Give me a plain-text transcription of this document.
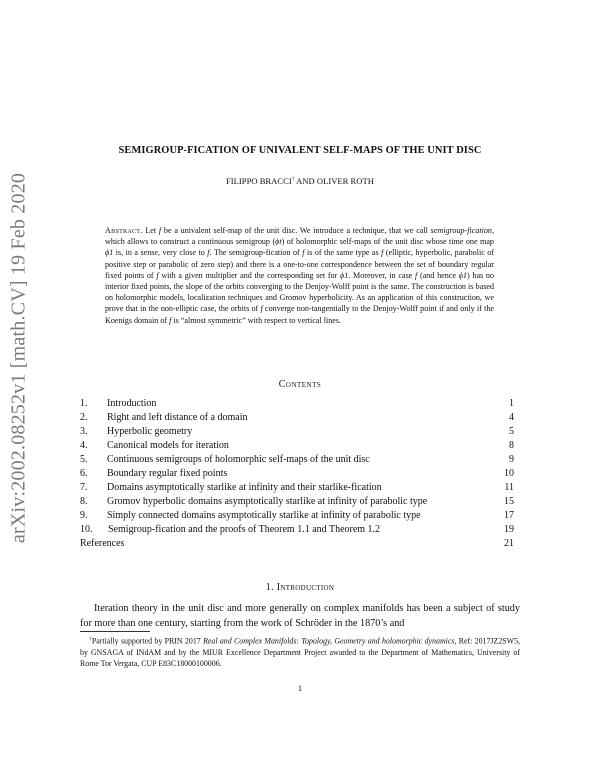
arXiv:2002.08252v1 [math.CV] 19 Feb 2020
SEMIGROUP-FICATION OF UNIVALENT SELF-MAPS OF THE UNIT DISC
FILIPPO BRACCI† AND OLIVER ROTH

Abstract. Let f be a univalent self-map of the unit disc. We introduce a technique, that we call semigroup-fication, which allows to construct a continuous semigroup (ϕt) of holomorphic self-maps of the unit disc whose time one map ϕ1 is, in a sense, very close to f. The semigroup-fication of f is of the same type as f (elliptic, hyperbolic, parabolic of positive step or parabolic of zero step) and there is a one-to-one correspondence between the set of boundary regular fixed points of f with a given multiplier and the corresponding set for ϕ1. Moreover, in case f (and hence ϕ1) has no interior fixed points, the slope of the orbits converging to the Denjoy-Wolff point is the same. The construction is based on holomorphic models, localization techniques and Gromov hyperbolicity. As an application of this construction, we prove that in the non-elliptic case, the orbits of f converge non-tangentially to the Denjoy-Wolff point if and only if the Koenigs domain of f is “almost symmetric” with respect to vertical lines.

Contents
1.	Introduction	1
2.	Right and left distance of a domain	4
3.	Hyperbolic geometry	5
4.	Canonical models for iteration	8
5.	Continuous semigroups of holomorphic self-maps of the unit disc	9
6.	Boundary regular fixed points	10
7.	Domains asymptotically starlike at infinity and their starlike-fication	11
8.	Gromov hyperbolic domains asymptotically starlike at infinity of parabolic type	15
9.	Simply connected domains asymptotically starlike at infinity of parabolic type	17
10.	Semigroup-fication and the proofs of Theorem 1.1 and Theorem 1.2	19
References	21
1. Introduction

Iteration theory in the unit disc and more generally on complex manifolds has been a subject of study for more than one century, starting from the work of Schröder in the 1870’s and

†Partially supported by PRIN 2017 Real and Complex Manifolds: Topology, Geometry and holomorphic dynamics, Ref: 2017JZ2SW5, by GNSAGA of INdAM and by the MIUR Excellence Department Project awarded to the Department of Mathematics, University of Rome Tor Vergata, CUP E83C18000100006.

1
